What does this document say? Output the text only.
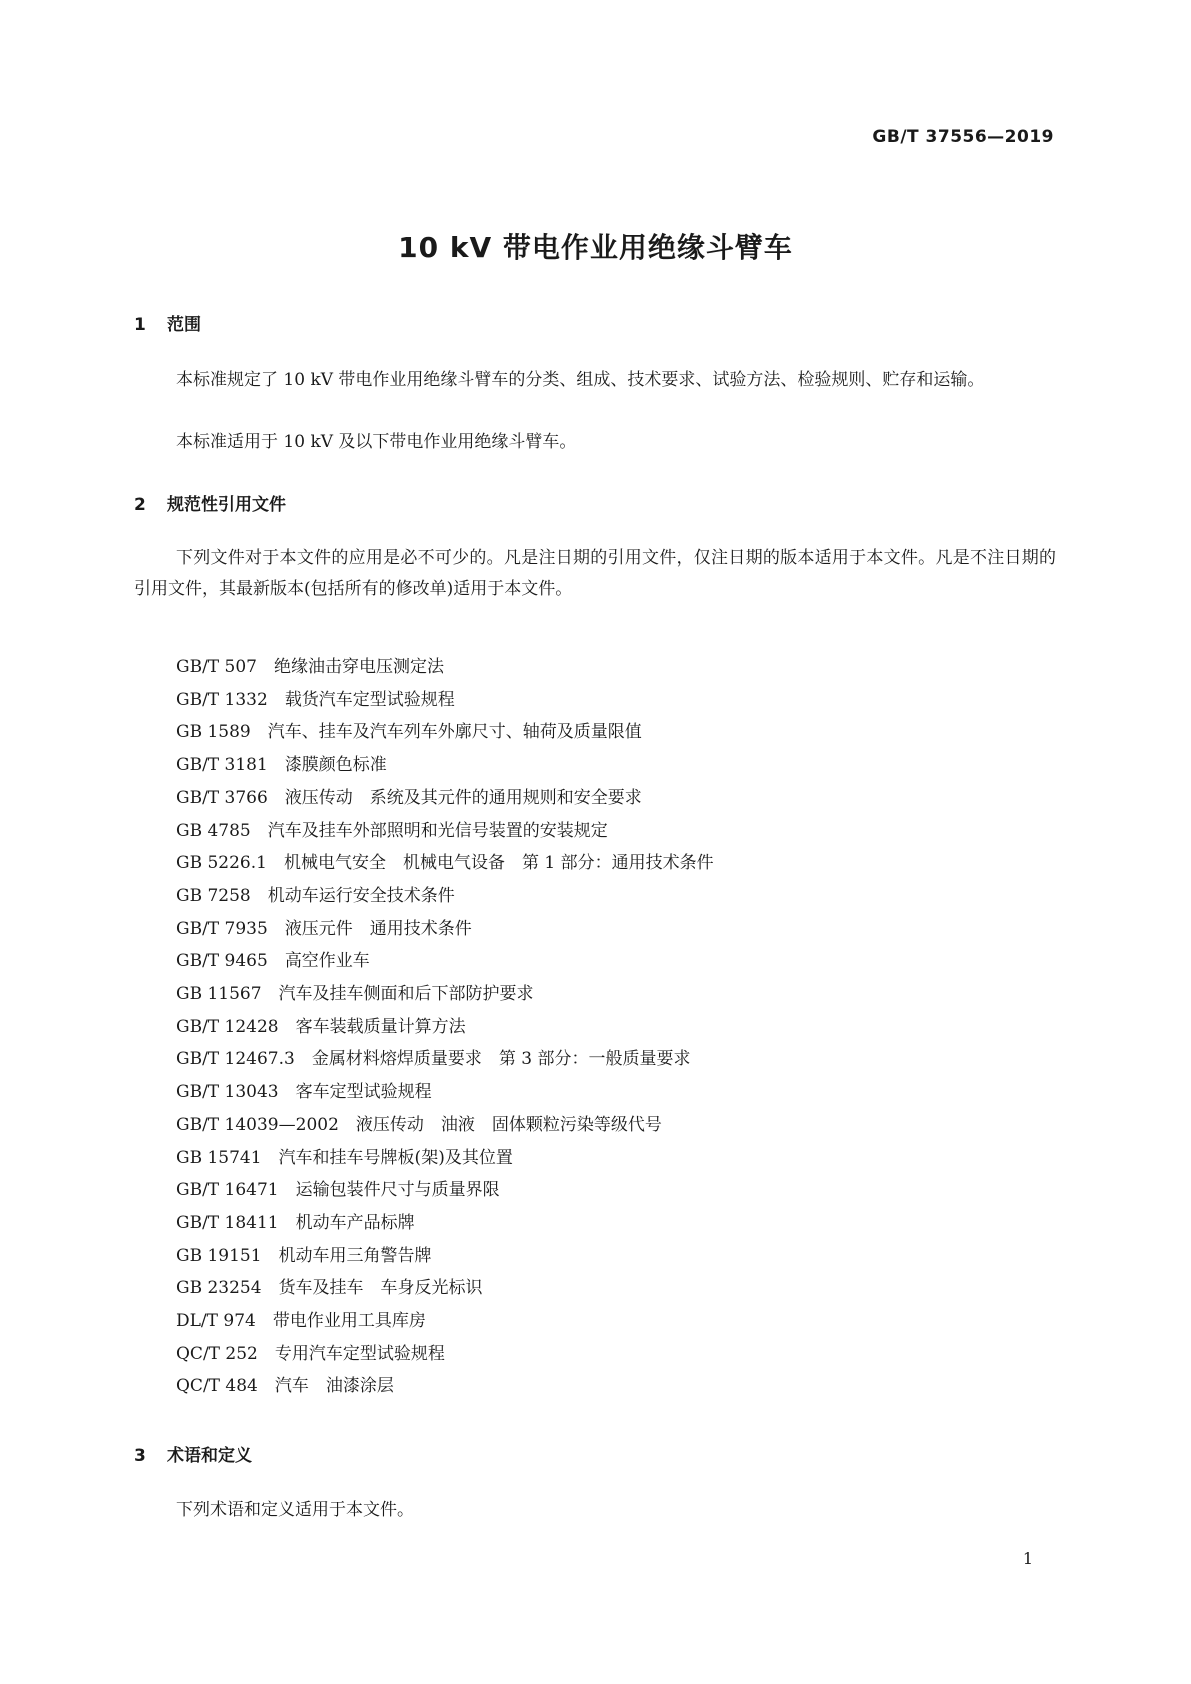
GB/T 37556—2019
10 kV 带电作业用绝缘斗臂车
1 范围
本标准规定了 10 kV 带电作业用绝缘斗臂车的分类、组成、技术要求、试验方法、检验规则、贮存和运输。
本标准适用于 10 kV 及以下带电作业用绝缘斗臂车。
2 规范性引用文件
下列文件对于本文件的应用是必不可少的。凡是注日期的引用文件，仅注日期的版本适用于本文件。凡是不注日期的引用文件，其最新版本(包括所有的修改单)适用于本文件。
GB/T 507 绝缘油击穿电压测定法
GB/T 1332 载货汽车定型试验规程
GB 1589 汽车、挂车及汽车列车外廓尺寸、轴荷及质量限值
GB/T 3181 漆膜颜色标准
GB/T 3766 液压传动　系统及其元件的通用规则和安全要求
GB 4785 汽车及挂车外部照明和光信号装置的安装规定
GB 5226.1 机械电气安全　机械电气设备　第 1 部分：通用技术条件
GB 7258 机动车运行安全技术条件
GB/T 7935 液压元件　通用技术条件
GB/T 9465 高空作业车
GB 11567 汽车及挂车侧面和后下部防护要求
GB/T 12428 客车装载质量计算方法
GB/T 12467.3 金属材料熔焊质量要求　第 3 部分：一般质量要求
GB/T 13043 客车定型试验规程
GB/T 14039—2002 液压传动　油液　固体颗粒污染等级代号
GB 15741 汽车和挂车号牌板(架)及其位置
GB/T 16471 运输包装件尺寸与质量界限
GB/T 18411 机动车产品标牌
GB 19151 机动车用三角警告牌
GB 23254 货车及挂车　车身反光标识
DL/T 974 带电作业用工具库房
QC/T 252 专用汽车定型试验规程
QC/T 484 汽车　油漆涂层
3 术语和定义
下列术语和定义适用于本文件。
1
